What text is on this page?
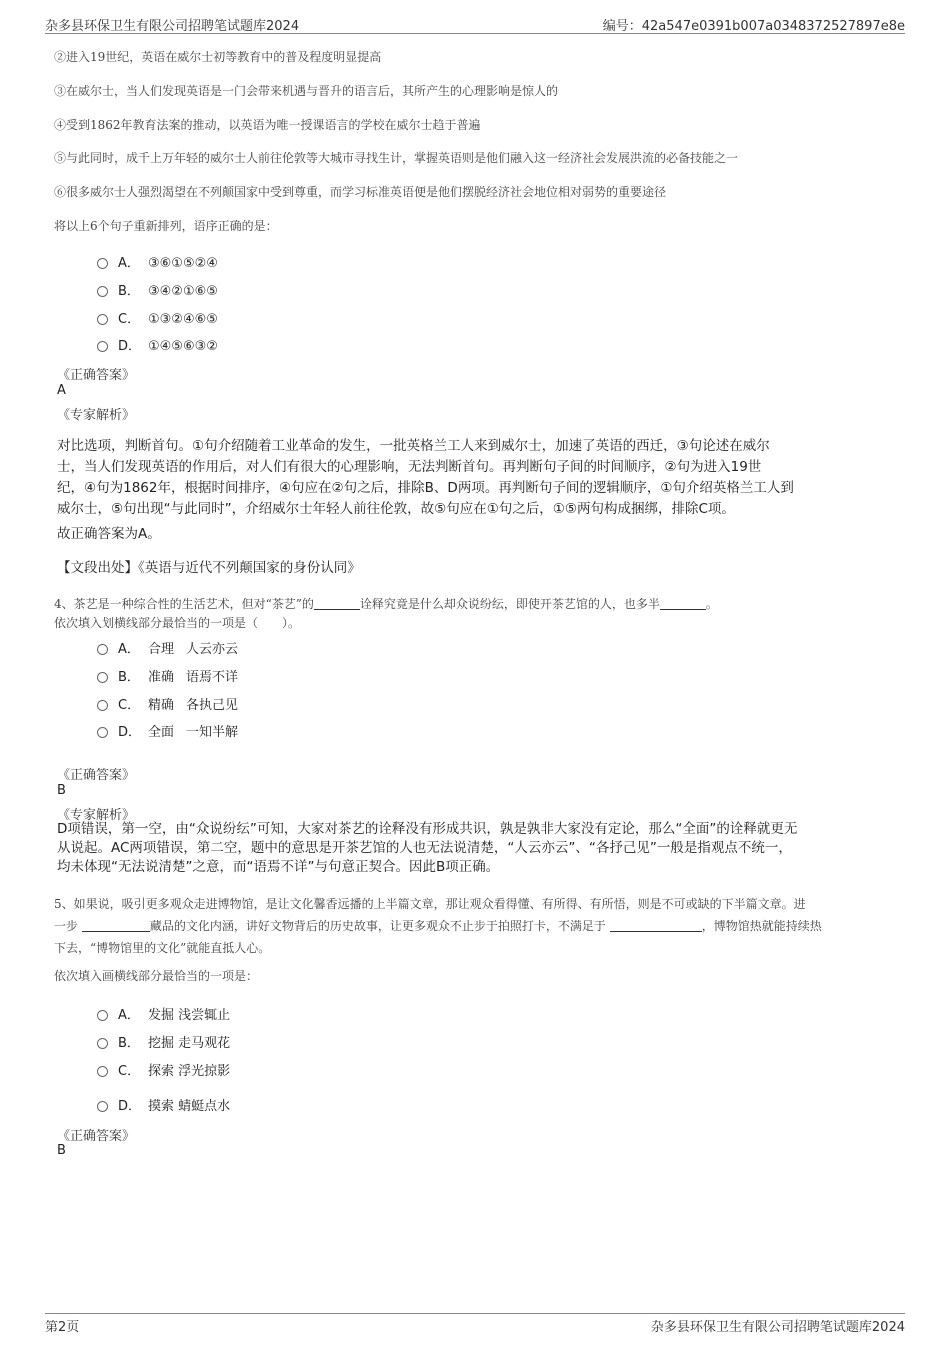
杂多县环保卫生有限公司招聘笔试题库2024	编号：42a547e0391b007a0348372527897e8e
②进入19世纪，英语在威尔士初等教育中的普及程度明显提高
③在威尔士，当人们发现英语是一门会带来机遇与晋升的语言后，其所产生的心理影响是惊人的
④受到1862年教育法案的推动，以英语为唯一授课语言的学校在威尔士趋于普遍
⑤与此同时，成千上万年轻的威尔士人前往伦敦等大城市寻找生计，掌握英语则是他们融入这一经济社会发展洪流的必备技能之一
⑥很多威尔士人强烈渴望在不列颠国家中受到尊重，而学习标准英语便是他们摆脱经济社会地位相对弱势的重要途径
将以上6个句子重新排列，语序正确的是：
A． ③⑥①⑤②④
B． ③④②①⑥⑤
C． ①③②④⑥⑤
D． ①④⑤⑥③②
《正确答案》
A
《专家解析》
对比选项，判断首句。①句介绍随着工业革命的发生，一批英格兰工人来到威尔士，加速了英语的西迁，③句论述在威尔
士，当人们发现英语的作用后，对人们有很大的心理影响，无法判断首句。再判断句子间的时间顺序，②句为进入19世
纪，④句为1862年，根据时间排序，④句应在②句之后，排除B、D两项。再判断句子间的逻辑顺序，①句介绍英格兰工人到
威尔士，⑤句出现“与此同时”，介绍威尔士年轻人前往伦敦，故⑤句应在①句之后，①⑤两句构成捆绑，排除C项。
故正确答案为A。
【文段出处】《英语与近代不列颠国家的身份认同》
4、茶艺是一种综合性的生活艺术，但对“茶艺”的	诠释究竟是什么却众说纷纭，即使开茶艺馆的人，也多半	。
依次填入划横线部分最恰当的一项是（　　）。
A． 合理 人云亦云
B． 准确 语焉不详
C． 精确 各执己见
D． 全面 一知半解
《正确答案》
B
《专家解析》
D项错误，第一空，由“众说纷纭”可知，大家对茶艺的诠释没有形成共识，孰是孰非大家没有定论，那么“全面”的诠释就更无
从说起。AC两项错误，第二空，题中的意思是开茶艺馆的人也无法说清楚，“人云亦云”、“各抒己见”一般是指观点不统一，
均未体现“无法说清楚”之意，而“语焉不详”与句意正契合。因此B项正确。
5、如果说，吸引更多观众走进博物馆，是让文化馨香远播的上半篇文章，那让观众看得懂、有所得、有所悟，则是不可或缺的下半篇文章。进
一步	藏品的文化内涵，讲好文物背后的历史故事，让更多观众不止步于拍照打卡，不满足于	，博物馆热就能持续热
下去，“博物馆里的文化”就能直抵人心。
依次填入画横线部分最恰当的一项是：
A． 发掘 浅尝辄止
B． 挖掘 走马观花
C． 探索 浮光掠影
D． 摸索 蜻蜓点水
《正确答案》
B
第2页	杂多县环保卫生有限公司招聘笔试题库2024
